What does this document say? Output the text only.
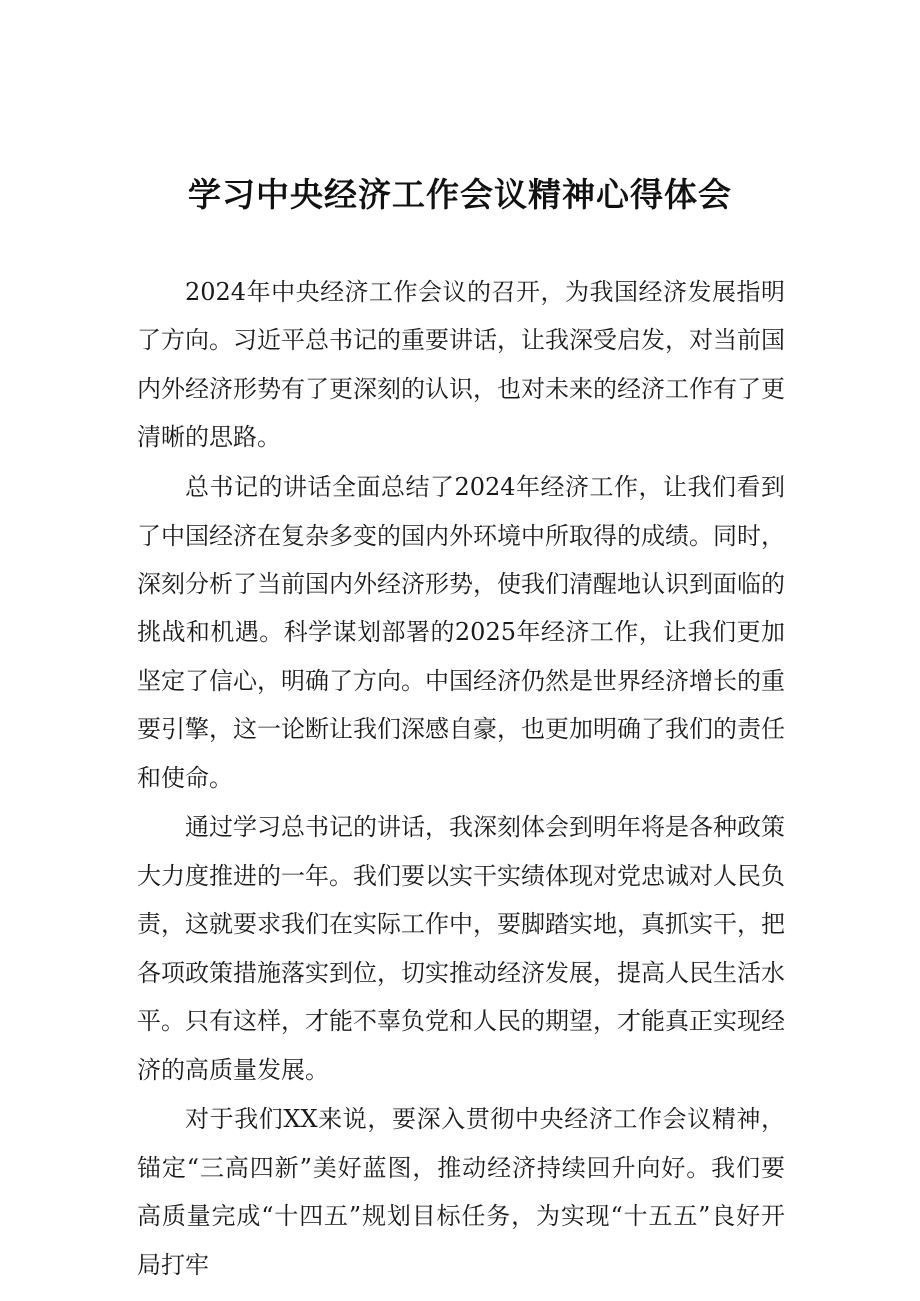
学习中央经济工作会议精神心得体会

2024年中央经济工作会议的召开，为我国经济发展指明了方向。习近平总书记的重要讲话，让我深受启发，对当前国内外经济形势有了更深刻的认识，也对未来的经济工作有了更清晰的思路。

总书记的讲话全面总结了2024年经济工作，让我们看到了中国经济在复杂多变的国内外环境中所取得的成绩。同时，深刻分析了当前国内外经济形势，使我们清醒地认识到面临的挑战和机遇。科学谋划部署的2025年经济工作，让我们更加坚定了信心，明确了方向。中国经济仍然是世界经济增长的重要引擎，这一论断让我们深感自豪，也更加明确了我们的责任和使命。

通过学习总书记的讲话，我深刻体会到明年将是各种政策大力度推进的一年。我们要以实干实绩体现对党忠诚对人民负责，这就要求我们在实际工作中，要脚踏实地，真抓实干，把各项政策措施落实到位，切实推动经济发展，提高人民生活水平。只有这样，才能不辜负党和人民的期望，才能真正实现经济的高质量发展。

对于我们XX来说，要深入贯彻中央经济工作会议精神，锚定“三高四新”美好蓝图，推动经济持续回升向好。我们要高质量完成“十四五”规划目标任务，为实现“十五五”良好开局打牢
